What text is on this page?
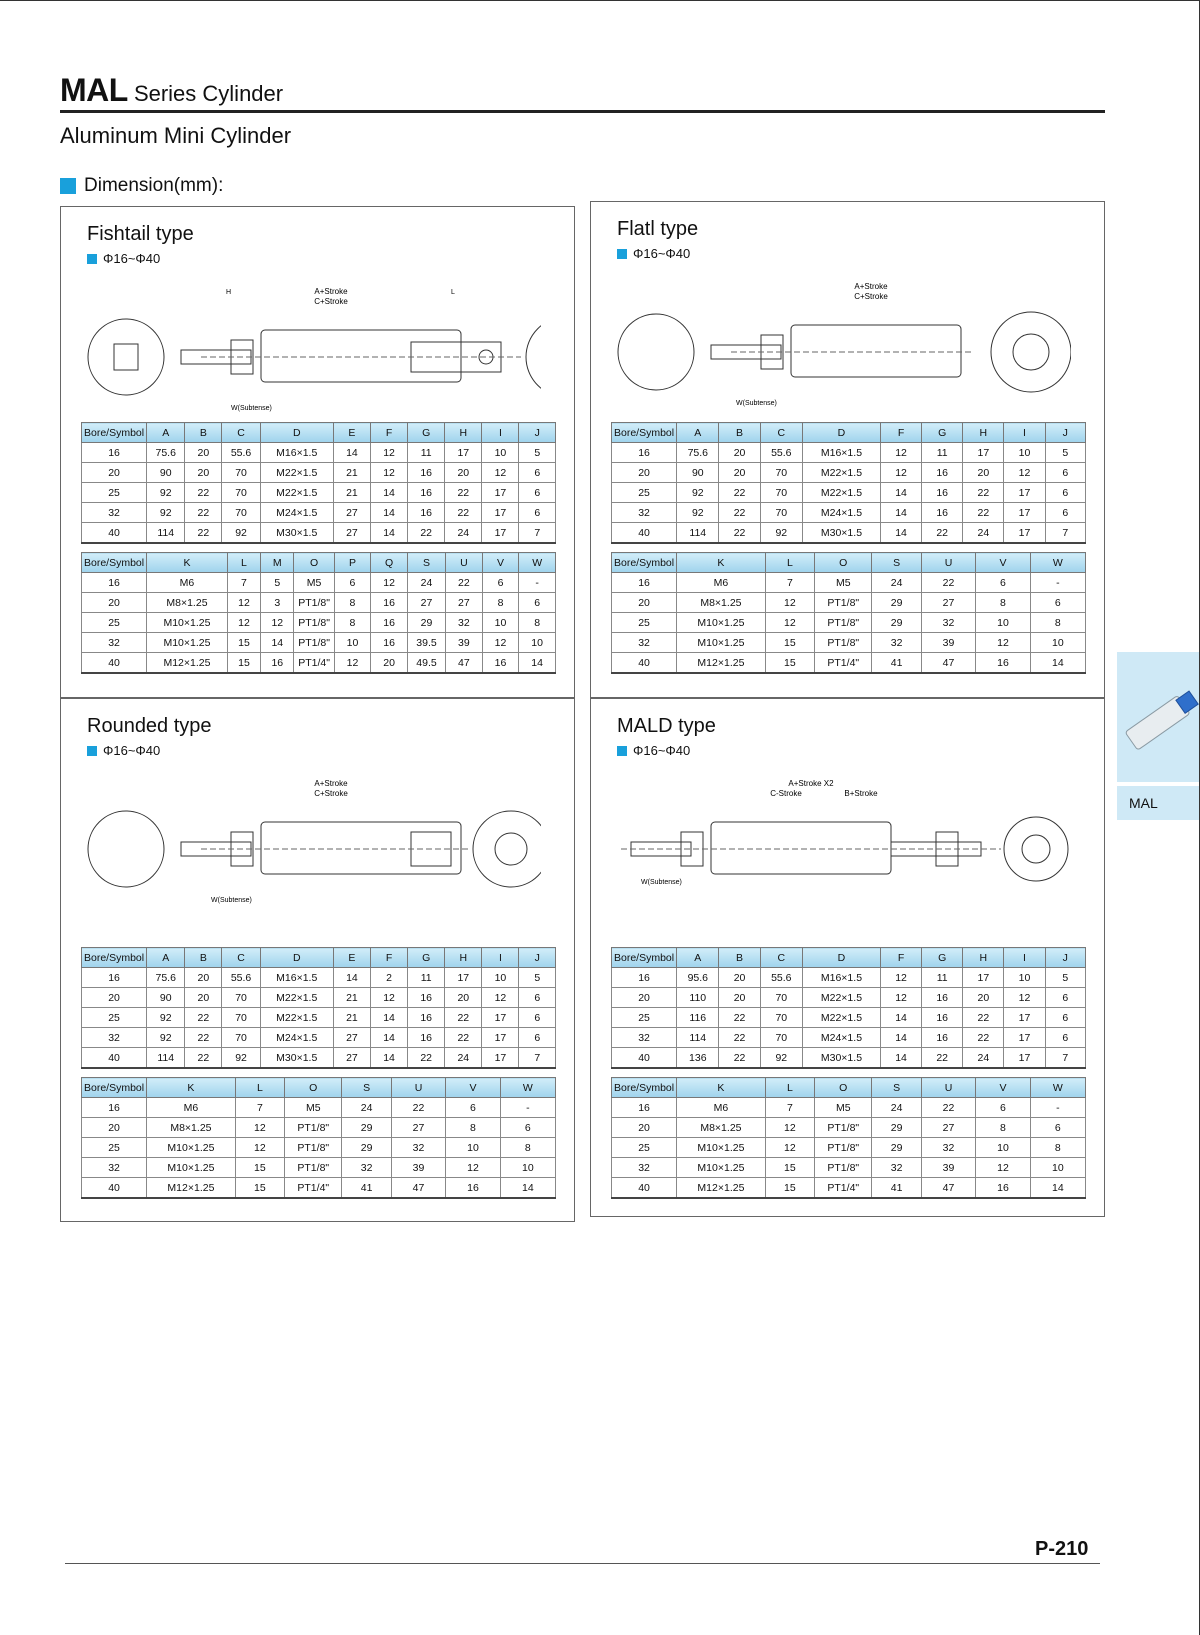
MAL Series Cylinder
Aluminum Mini Cylinder
Dimension(mm):
Fishtail type
Φ16~Φ40
A+Stroke
C+Stroke
W(Subtense)
H	L
Bore/Symbol	A	B	C	D	E	F	G	H	I	J
16	75.6	20	55.6	M16×1.5	14	12	11	17	10	5
20	90	20	70	M22×1.5	21	12	16	20	12	6
25	92	22	70	M22×1.5	21	14	16	22	17	6
32	92	22	70	M24×1.5	27	14	16	22	17	6
40	114	22	92	M30×1.5	27	14	22	24	17	7
Bore/Symbol	K	L	M	O	P	Q	S	U	V	W
16	M6	7	5	M5	6	12	24	22	6	-
20	M8×1.25	12	3	PT1/8"	8	16	27	27	8	6
25	M10×1.25	12	12	PT1/8"	8	16	29	32	10	8
32	M10×1.25	15	14	PT1/8"	10	16	39.5	39	12	10
40	M12×1.25	15	16	PT1/4"	12	20	49.5	47	16	14
Flatl type
Φ16~Φ40
A+Stroke
C+Stroke
W(Subtense)
Bore/Symbol	A	B	C	D	F	G	H	I	J
16	75.6	20	55.6	M16×1.5	12	11	17	10	5
20	90	20	70	M22×1.5	12	16	20	12	6
25	92	22	70	M22×1.5	14	16	22	17	6
32	92	22	70	M24×1.5	14	16	22	17	6
40	114	22	92	M30×1.5	14	22	24	17	7
Bore/Symbol	K	L	O	S	U	V	W
16	M6	7	M5	24	22	6	-
20	M8×1.25	12	PT1/8"	29	27	8	6
25	M10×1.25	12	PT1/8"	29	32	10	8
32	M10×1.25	15	PT1/8"	32	39	12	10
40	M12×1.25	15	PT1/4"	41	47	16	14
Rounded type
Φ16~Φ40
A+Stroke
C+Stroke
W(Subtense)
Bore/Symbol	A	B	C	D	E	F	G	H	I	J
16	75.6	20	55.6	M16×1.5	14	2	11	17	10	5
20	90	20	70	M22×1.5	21	12	16	20	12	6
25	92	22	70	M22×1.5	21	14	16	22	17	6
32	92	22	70	M24×1.5	27	14	16	22	17	6
40	114	22	92	M30×1.5	27	14	22	24	17	7
Bore/Symbol	K	L	O	S	U	V	W
16	M6	7	M5	24	22	6	-
20	M8×1.25	12	PT1/8"	29	27	8	6
25	M10×1.25	12	PT1/8"	29	32	10	8
32	M10×1.25	15	PT1/8"	32	39	12	10
40	M12×1.25	15	PT1/4"	41	47	16	14
MALD type
Φ16~Φ40
A+Stroke X2
C-Stroke	B+Stroke
W(Subtense)
Bore/Symbol	A	B	C	D	F	G	H	I	J
16	95.6	20	55.6	M16×1.5	12	11	17	10	5
20	110	20	70	M22×1.5	12	16	20	12	6
25	116	22	70	M22×1.5	14	16	22	17	6
32	114	22	70	M24×1.5	14	16	22	17	6
40	136	22	92	M30×1.5	14	22	24	17	7
Bore/Symbol	K	L	O	S	U	V	W
16	M6	7	M5	24	22	6	-
20	M8×1.25	12	PT1/8"	29	27	8	6
25	M10×1.25	12	PT1/8"	29	32	10	8
32	M10×1.25	15	PT1/8"	32	39	12	10
40	M12×1.25	15	PT1/4"	41	47	16	14
MAL
P-210
